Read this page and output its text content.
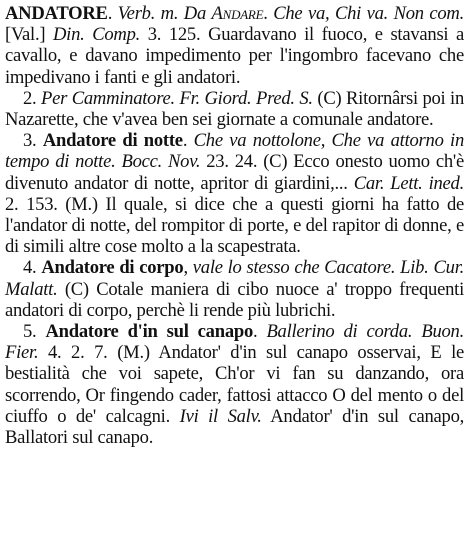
ANDATORE. Verb. m. Da Andare. Che va, Chi va. Non com. [Val.] Din. Comp. 3. 125. Guardavano il fuoco, e stavansi a cavallo, e davano impedimento per l'ingombro facevano che impedivano i fanti e gli andatori.

2. Per Camminatore. Fr. Giord. Pred. S. (C) Ritornârsi poi in Nazarette, che v'avea ben sei giornate a comunale andatore.

3. Andatore di notte. Che va nottolone, Che va attorno in tempo di notte. Bocc. Nov. 23. 24. (C) Ecco onesto uomo ch'è divenuto andator di notte, apritor di giardini,... Car. Lett. ined. 2. 153. (M.) Il quale, si dice che a questi giorni ha fatto de l'andator di notte, del rompitor di porte, e del rapitor di donne, e di simili altre cose molto a la scapestrata.

4. Andatore di corpo, vale lo stesso che Cacatore. Lib. Cur. Malatt. (C) Cotale maniera di cibo nuoce a' troppo frequenti andatori di corpo, perchè li rende più lubrichi.

5. Andatore d'in sul canapo. Ballerino di corda. Buon. Fier. 4. 2. 7. (M.) Andator' d'in sul canapo osservai, E le bestialità che voi sapete, Ch'or vi fan su danzando, ora scorrendo, Or fingendo cader, fattosi attacco O del mento o del ciuffo o de' calcagni. Ivi il Salv. Andator' d'in sul canapo, Ballatori sul canapo.
